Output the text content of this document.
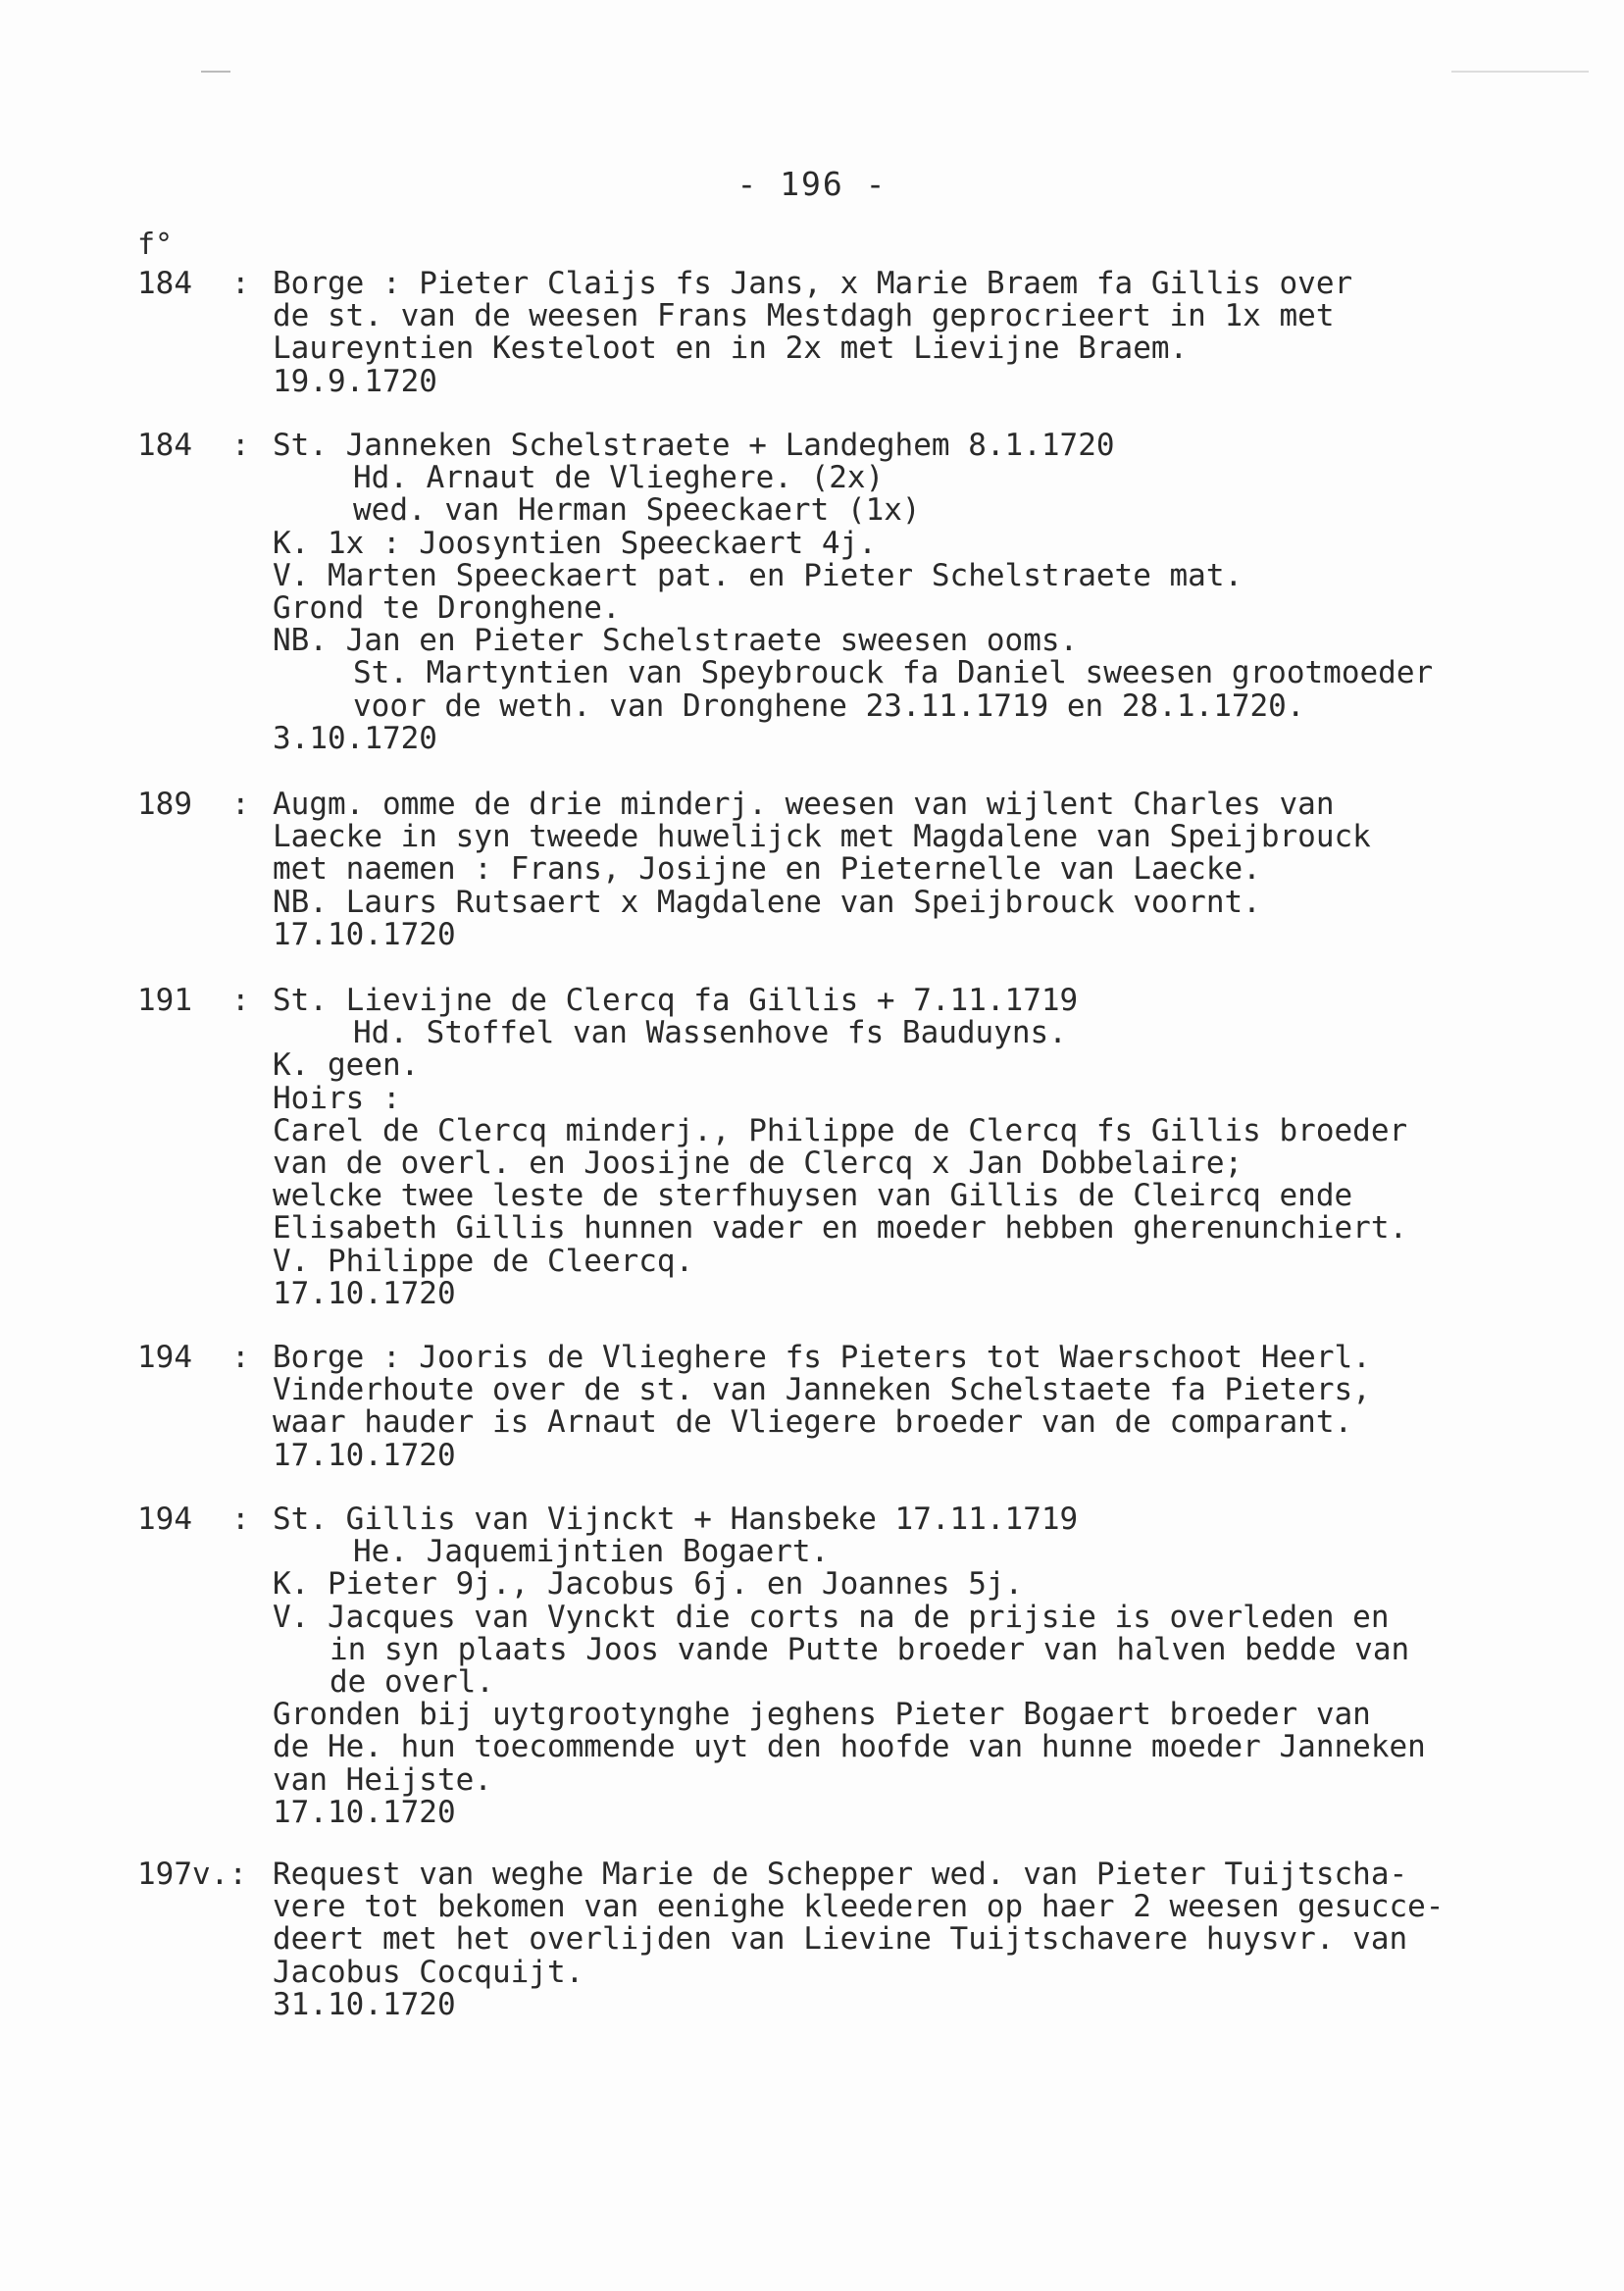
- 196 -
f°
184 : Borge : Pieter Claijs fs Jans, x Marie Braem fa Gillis over
de st. van de weesen Frans Mestdagh geprocrieert in 1x met
Laureyntien Kesteloot en in 2x met Lievijne Braem.
19.9.1720
184 : St. Janneken Schelstraete + Landeghem 8.1.1720
Hd. Arnaut de Vlieghere. (2x)
wed. van Herman Speeckaert (1x)
K. 1x : Joosyntien Speeckaert 4j.
V. Marten Speeckaert pat. en Pieter Schelstraete mat.
Grond te Dronghene.
NB. Jan en Pieter Schelstraete sweesen ooms.
St. Martyntien van Speybrouck fa Daniel sweesen grootmoeder
voor de weth. van Dronghene 23.11.1719 en 28.1.1720.
3.10.1720
189 : Augm. omme de drie minderj. weesen van wijlent Charles van
Laecke in syn tweede huwelijck met Magdalene van Speijbrouck
met naemen : Frans, Josijne en Pieternelle van Laecke.
NB. Laurs Rutsaert x Magdalene van Speijbrouck voornt.
17.10.1720
191 : St. Lievijne de Clercq fa Gillis + 7.11.1719
Hd. Stoffel van Wassenhove fs Bauduyns.
K. geen.
Hoirs :
Carel de Clercq minderj., Philippe de Clercq fs Gillis broeder
van de overl. en Joosijne de Clercq x Jan Dobbelaire;
welcke twee leste de sterfhuysen van Gillis de Cleircq ende
Elisabeth Gillis hunnen vader en moeder hebben gherenunchiert.
V. Philippe de Cleercq.
17.10.1720
194 : Borge : Jooris de Vlieghere fs Pieters tot Waerschoot Heerl.
Vinderhoute over de st. van Janneken Schelstaete fa Pieters,
waar hauder is Arnaut de Vliegere broeder van de comparant.
17.10.1720
194 : St. Gillis van Vijnckt + Hansbeke 17.11.1719
He. Jaquemijntien Bogaert.
K. Pieter 9j., Jacobus 6j. en Joannes 5j.
V. Jacques van Vynckt die corts na de prijsie is overleden en
in syn plaats Joos vande Putte broeder van halven bedde van
de overl.
Gronden bij uytgrootynghe jeghens Pieter Bogaert broeder van
de He. hun toecommende uyt den hoofde van hunne moeder Janneken
van Heijste.
17.10.1720
197v.: Request van weghe Marie de Schepper wed. van Pieter Tuijtscha-
vere tot bekomen van eenighe kleederen op haer 2 weesen gesucce-
deert met het overlijden van Lievine Tuijtschavere huysvr. van
Jacobus Cocquijt.
31.10.1720
